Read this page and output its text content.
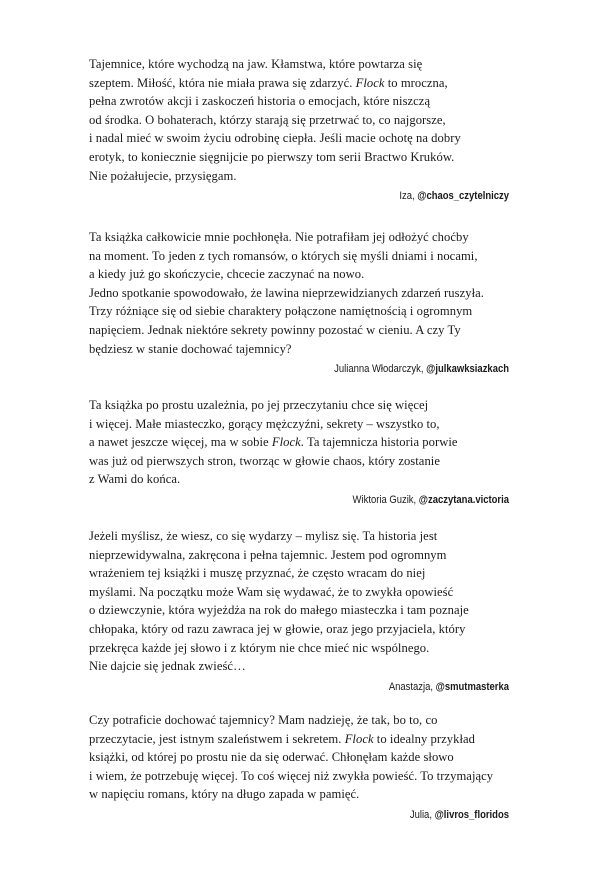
Tajemnice, które wychodzą na jaw. Kłamstwa, które powtarza się
szeptem. Miłość, która nie miała prawa się zdarzyć. Flock to mroczna,
pełna zwrotów akcji i zaskoczeń historia o emocjach, które niszczą
od środka. O bohaterach, którzy starają się przetrwać to, co najgorsze,
i nadal mieć w swoim życiu odrobinę ciepła. Jeśli macie ochotę na dobry
erotyk, to koniecznie sięgnijcie po pierwszy tom serii Bractwo Kruków.
Nie pożałujecie, przysięgam.
Iza, @chaos_czytelniczy
Ta książka całkowicie mnie pochłonęła. Nie potrafiłam jej odłożyć choćby
na moment. To jeden z tych romansów, o których się myśli dniami i nocami,
a kiedy już go skończycie, chcecie zaczynać na nowo.
Jedno spotkanie spowodowało, że lawina nieprzewidzianych zdarzeń ruszyła.
Trzy różniące się od siebie charaktery połączone namiętnością i ogromnym
napięciem. Jednak niektóre sekrety powinny pozostać w cieniu. A czy Ty
będziesz w stanie dochować tajemnicy?
Julianna Włodarczyk, @julkawksiazkach
Ta książka po prostu uzależnia, po jej przeczytaniu chce się więcej
i więcej. Małe miasteczko, gorący mężczyźni, sekrety – wszystko to,
a nawet jeszcze więcej, ma w sobie Flock. Ta tajemnicza historia porwie
was już od pierwszych stron, tworząc w głowie chaos, który zostanie
z Wami do końca.
Wiktoria Guzik, @zaczytana.victoria
Jeżeli myślisz, że wiesz, co się wydarzy – mylisz się. Ta historia jest
nieprzewidywalna, zakręcona i pełna tajemnic. Jestem pod ogromnym
wrażeniem tej książki i muszę przyznać, że często wracam do niej
myślami. Na początku może Wam się wydawać, że to zwykła opowieść
o dziewczynie, która wyjeżdża na rok do małego miasteczka i tam poznaje
chłopaka, który od razu zawraca jej w głowie, oraz jego przyjaciela, który
przekręca każde jej słowo i z którym nie chce mieć nic wspólnego.
Nie dajcie się jednak zwieść…
Anastazja, @smutmasterka
Czy potraficie dochować tajemnicy? Mam nadzieję, że tak, bo to, co
przeczytacie, jest istnym szaleństwem i sekretem. Flock to idealny przykład
książki, od której po prostu nie da się oderwać. Chłonęłam każde słowo
i wiem, że potrzebuję więcej. To coś więcej niż zwykła powieść. To trzymający
w napięciu romans, który na długo zapada w pamięć.
Julia, @livros_floridos
